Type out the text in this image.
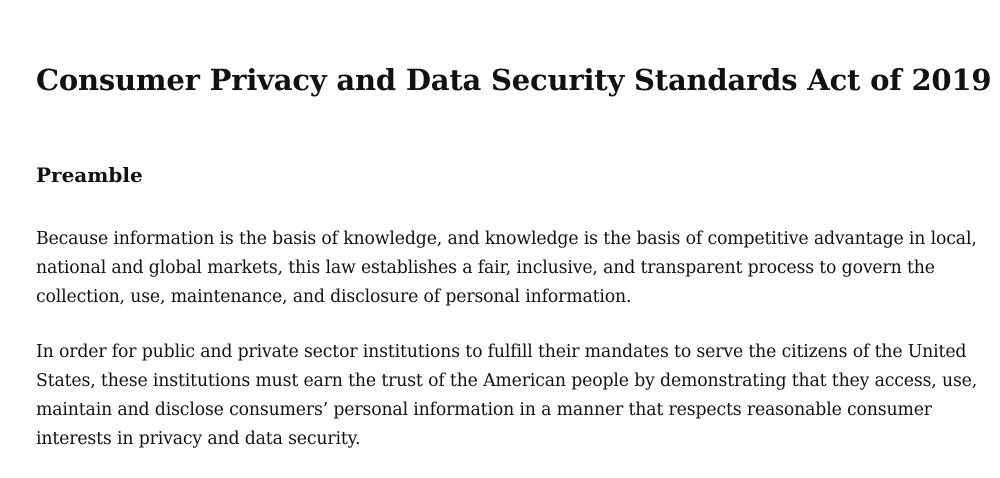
Consumer Privacy and Data Security Standards Act of 2019
Preamble

Because information is the basis of knowledge, and knowledge is the basis of competitive advantage in local, national and global markets, this law establishes a fair, inclusive, and transparent process to govern the collection, use, maintenance, and disclosure of personal information.

In order for public and private sector institutions to fulfill their mandates to serve the citizens of the United States, these institutions must earn the trust of the American people by demonstrating that they access, use, maintain and disclose consumers’ personal information in a manner that respects reasonable consumer interests in privacy and data security.
